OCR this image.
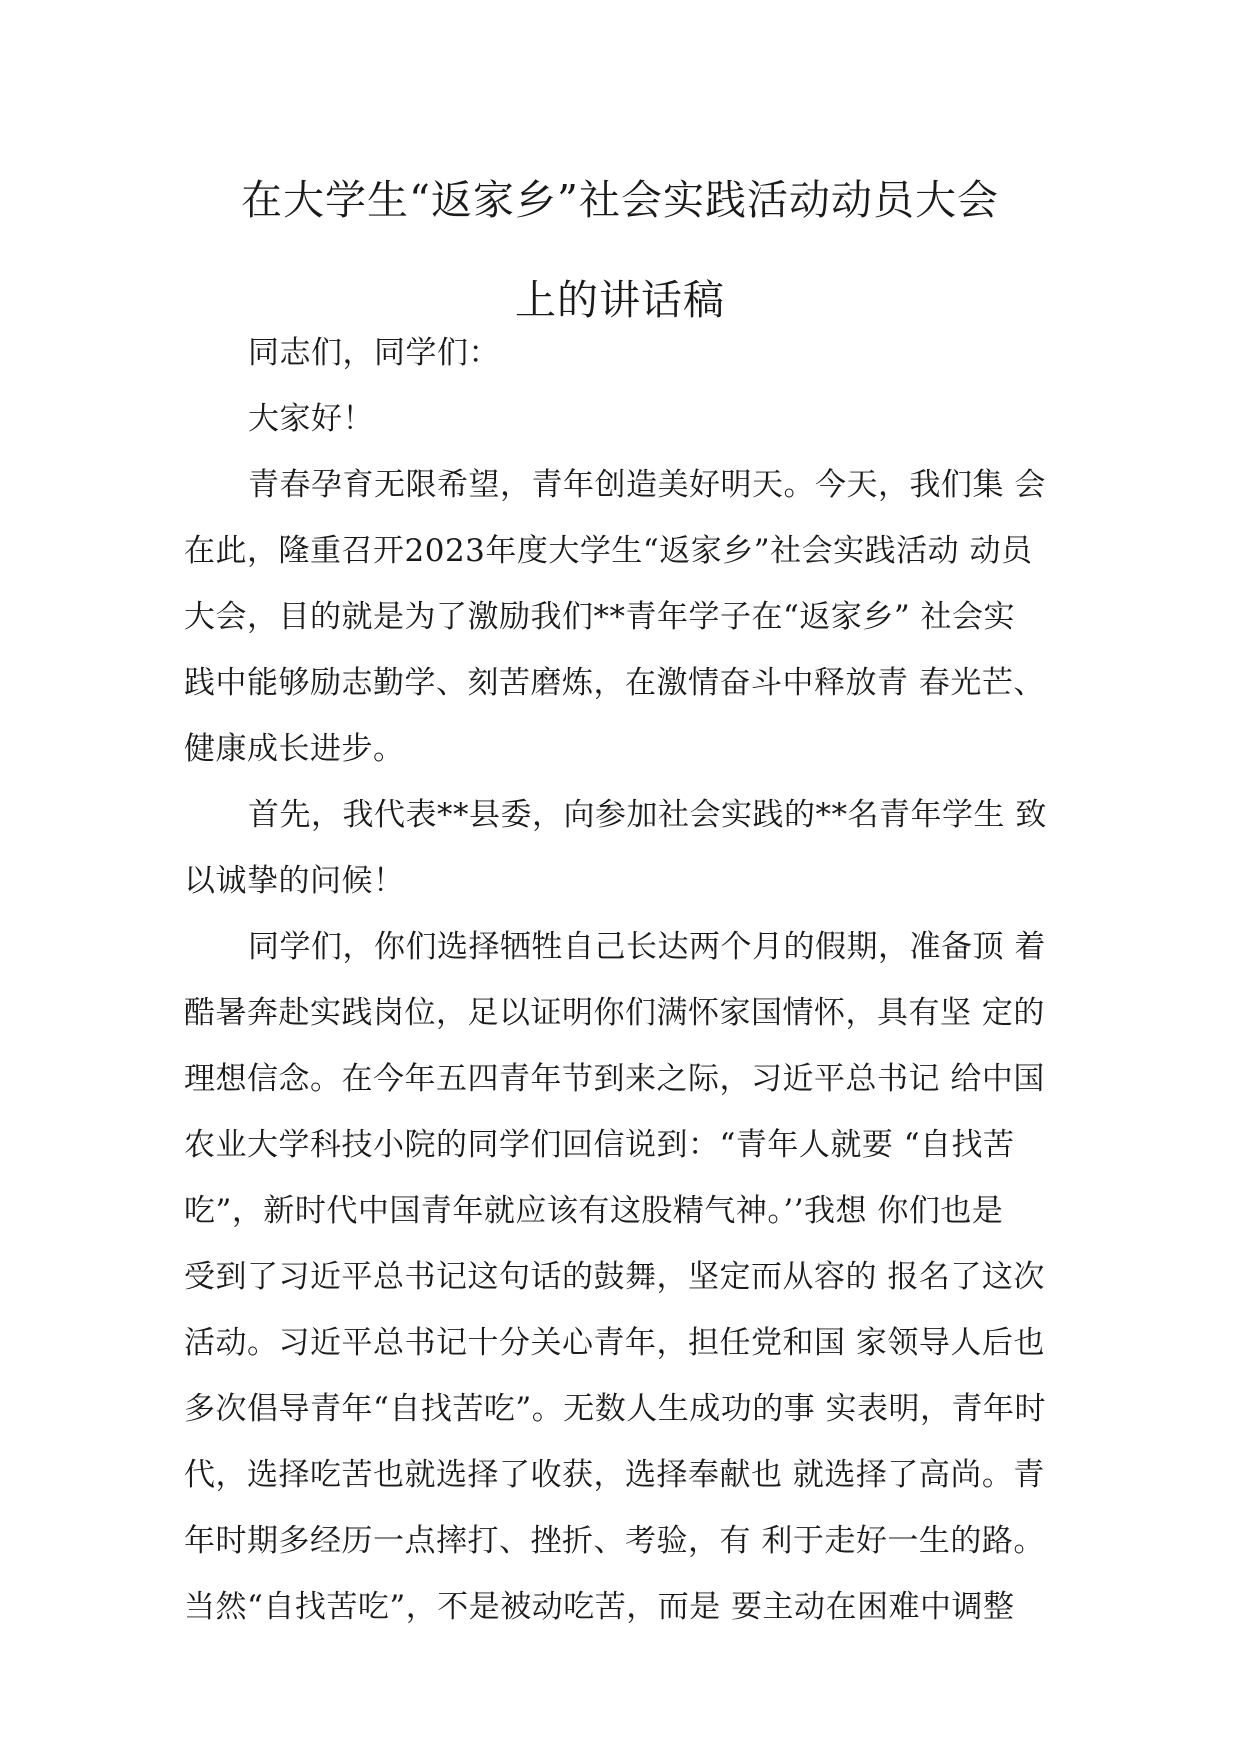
在大学生“返家乡”社会实践活动动员大会
上的讲话稿
同志们，同学们：
大家好！
青春孕育无限希望，青年创造美好明天。今天，我们集 会
在此，隆重召开2023年度大学生“返家乡”社会实践活动 动员
大会，目的就是为了激励我们**青年学子在“返家乡” 社会实
践中能够励志勤学、刻苦磨炼，在激情奋斗中释放青 春光芒、
健康成长进步。
首先，我代表**县委，向参加社会实践的**名青年学生 致
以诚挚的问候！
同学们，你们选择牺牲自己长达两个月的假期，准备顶 着
酷暑奔赴实践岗位，足以证明你们满怀家国情怀，具有坚 定的
理想信念。在今年五四青年节到来之际，习近平总书记 给中国
农业大学科技小院的同学们回信说到：“青年人就要 “自找苦
吃”，新时代中国青年就应该有这股精气神。’’我想 你们也是
受到了习近平总书记这句话的鼓舞，坚定而从容的 报名了这次
活动。习近平总书记十分关心青年，担任党和国 家领导人后也
多次倡导青年“自找苦吃”。无数人生成功的事 实表明，青年时
代，选择吃苦也就选择了收获，选择奉献也 就选择了高尚。青
年时期多经历一点摔打、挫折、考验，有 利于走好一生的路。
当然“自找苦吃”，不是被动吃苦，而是 要主动在困难中调整
